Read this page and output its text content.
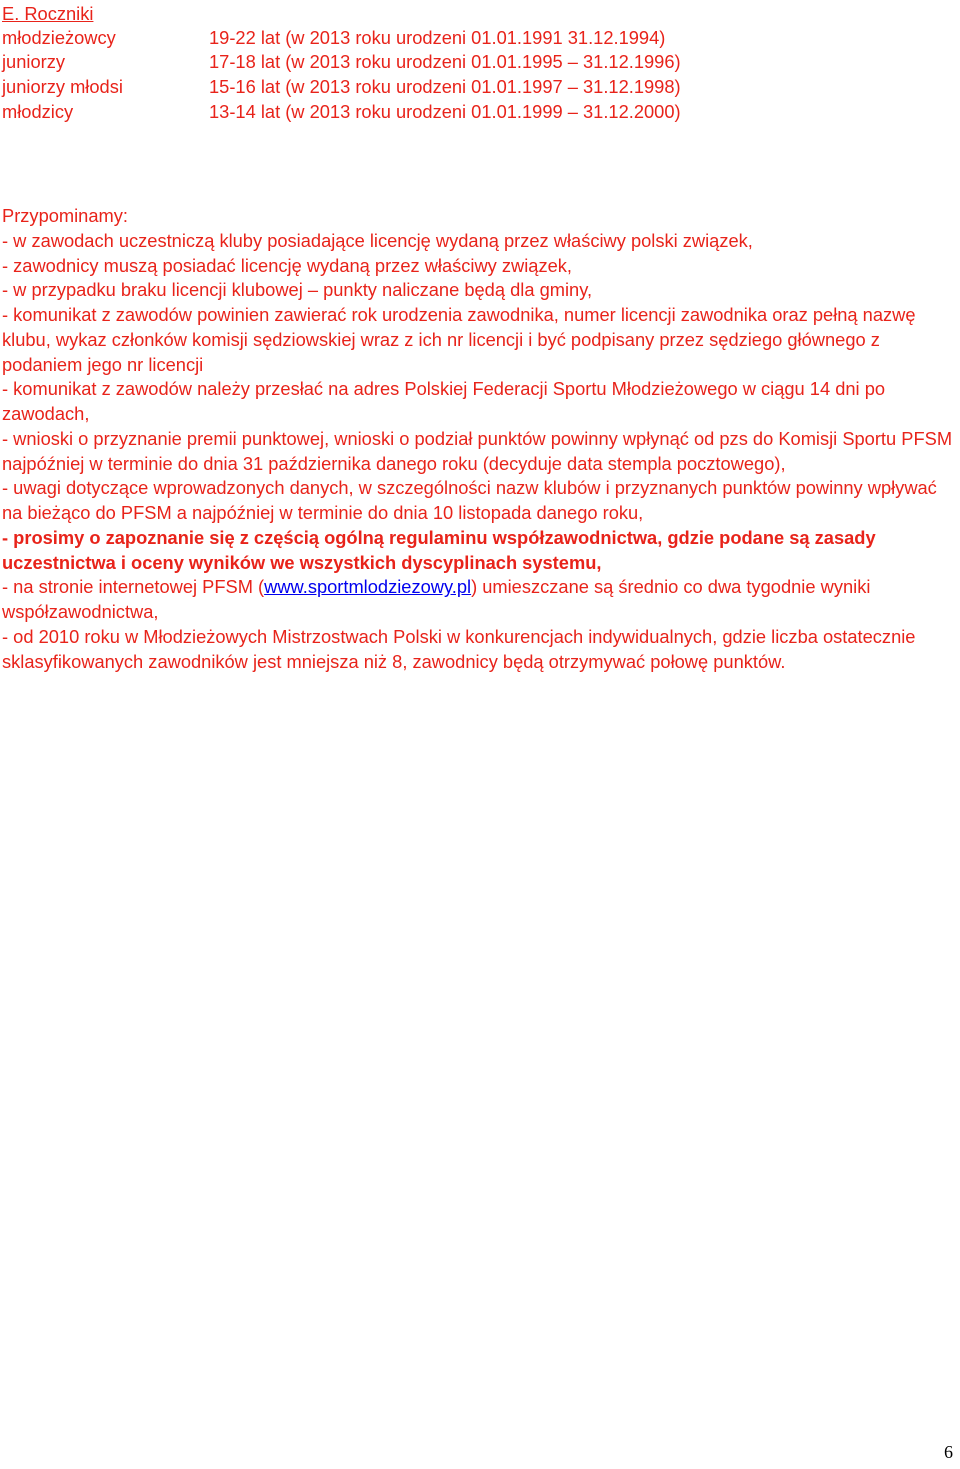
E. Roczniki
młodzieżowcy	19-22 lat (w 2013 roku urodzeni 01.01.1991 31.12.1994)
juniorzy	17-18 lat (w 2013 roku urodzeni 01.01.1995 – 31.12.1996)
juniorzy młodsi	15-16 lat (w 2013 roku urodzeni 01.01.1997 – 31.12.1998)
młodzicy	13-14 lat (w 2013 roku urodzeni 01.01.1999 – 31.12.2000)

Przypominamy:

- w zawodach uczestniczą kluby posiadające licencję wydaną przez właściwy polski związek,

- zawodnicy muszą posiadać licencję wydaną przez właściwy związek,

- w przypadku braku licencji klubowej – punkty naliczane będą dla gminy,

- komunikat z zawodów powinien zawierać rok urodzenia zawodnika, numer licencji zawodnika oraz pełną nazwę klubu, wykaz członków komisji sędziowskiej wraz z ich nr licencji i być podpisany przez sędziego głównego z podaniem jego nr licencji

- komunikat z zawodów należy przesłać na adres Polskiej Federacji Sportu Młodzieżowego w ciągu 14 dni po zawodach,

- wnioski o przyznanie premii punktowej, wnioski o podział punktów powinny wpłynąć od pzs do Komisji Sportu PFSM najpóźniej w terminie do dnia 31 października danego roku (decyduje data stempla pocztowego),

- uwagi dotyczące wprowadzonych danych, w szczególności nazw klubów i przyznanych punktów powinny wpływać na bieżąco do PFSM a najpóźniej w terminie do dnia 10 listopada danego roku,

- prosimy o zapoznanie się z częścią ogólną regulaminu współzawodnictwa, gdzie podane są zasady uczestnictwa i oceny wyników we wszystkich dyscyplinach systemu,

- na stronie internetowej PFSM (www.sportmlodziezowy.pl) umieszczane są średnio co dwa tygodnie wyniki współzawodnictwa,

- od 2010 roku w Młodzieżowych Mistrzostwach Polski w konkurencjach indywidualnych, gdzie liczba ostatecznie sklasyfikowanych zawodników jest mniejsza niż 8, zawodnicy będą otrzymywać połowę punktów.

6
